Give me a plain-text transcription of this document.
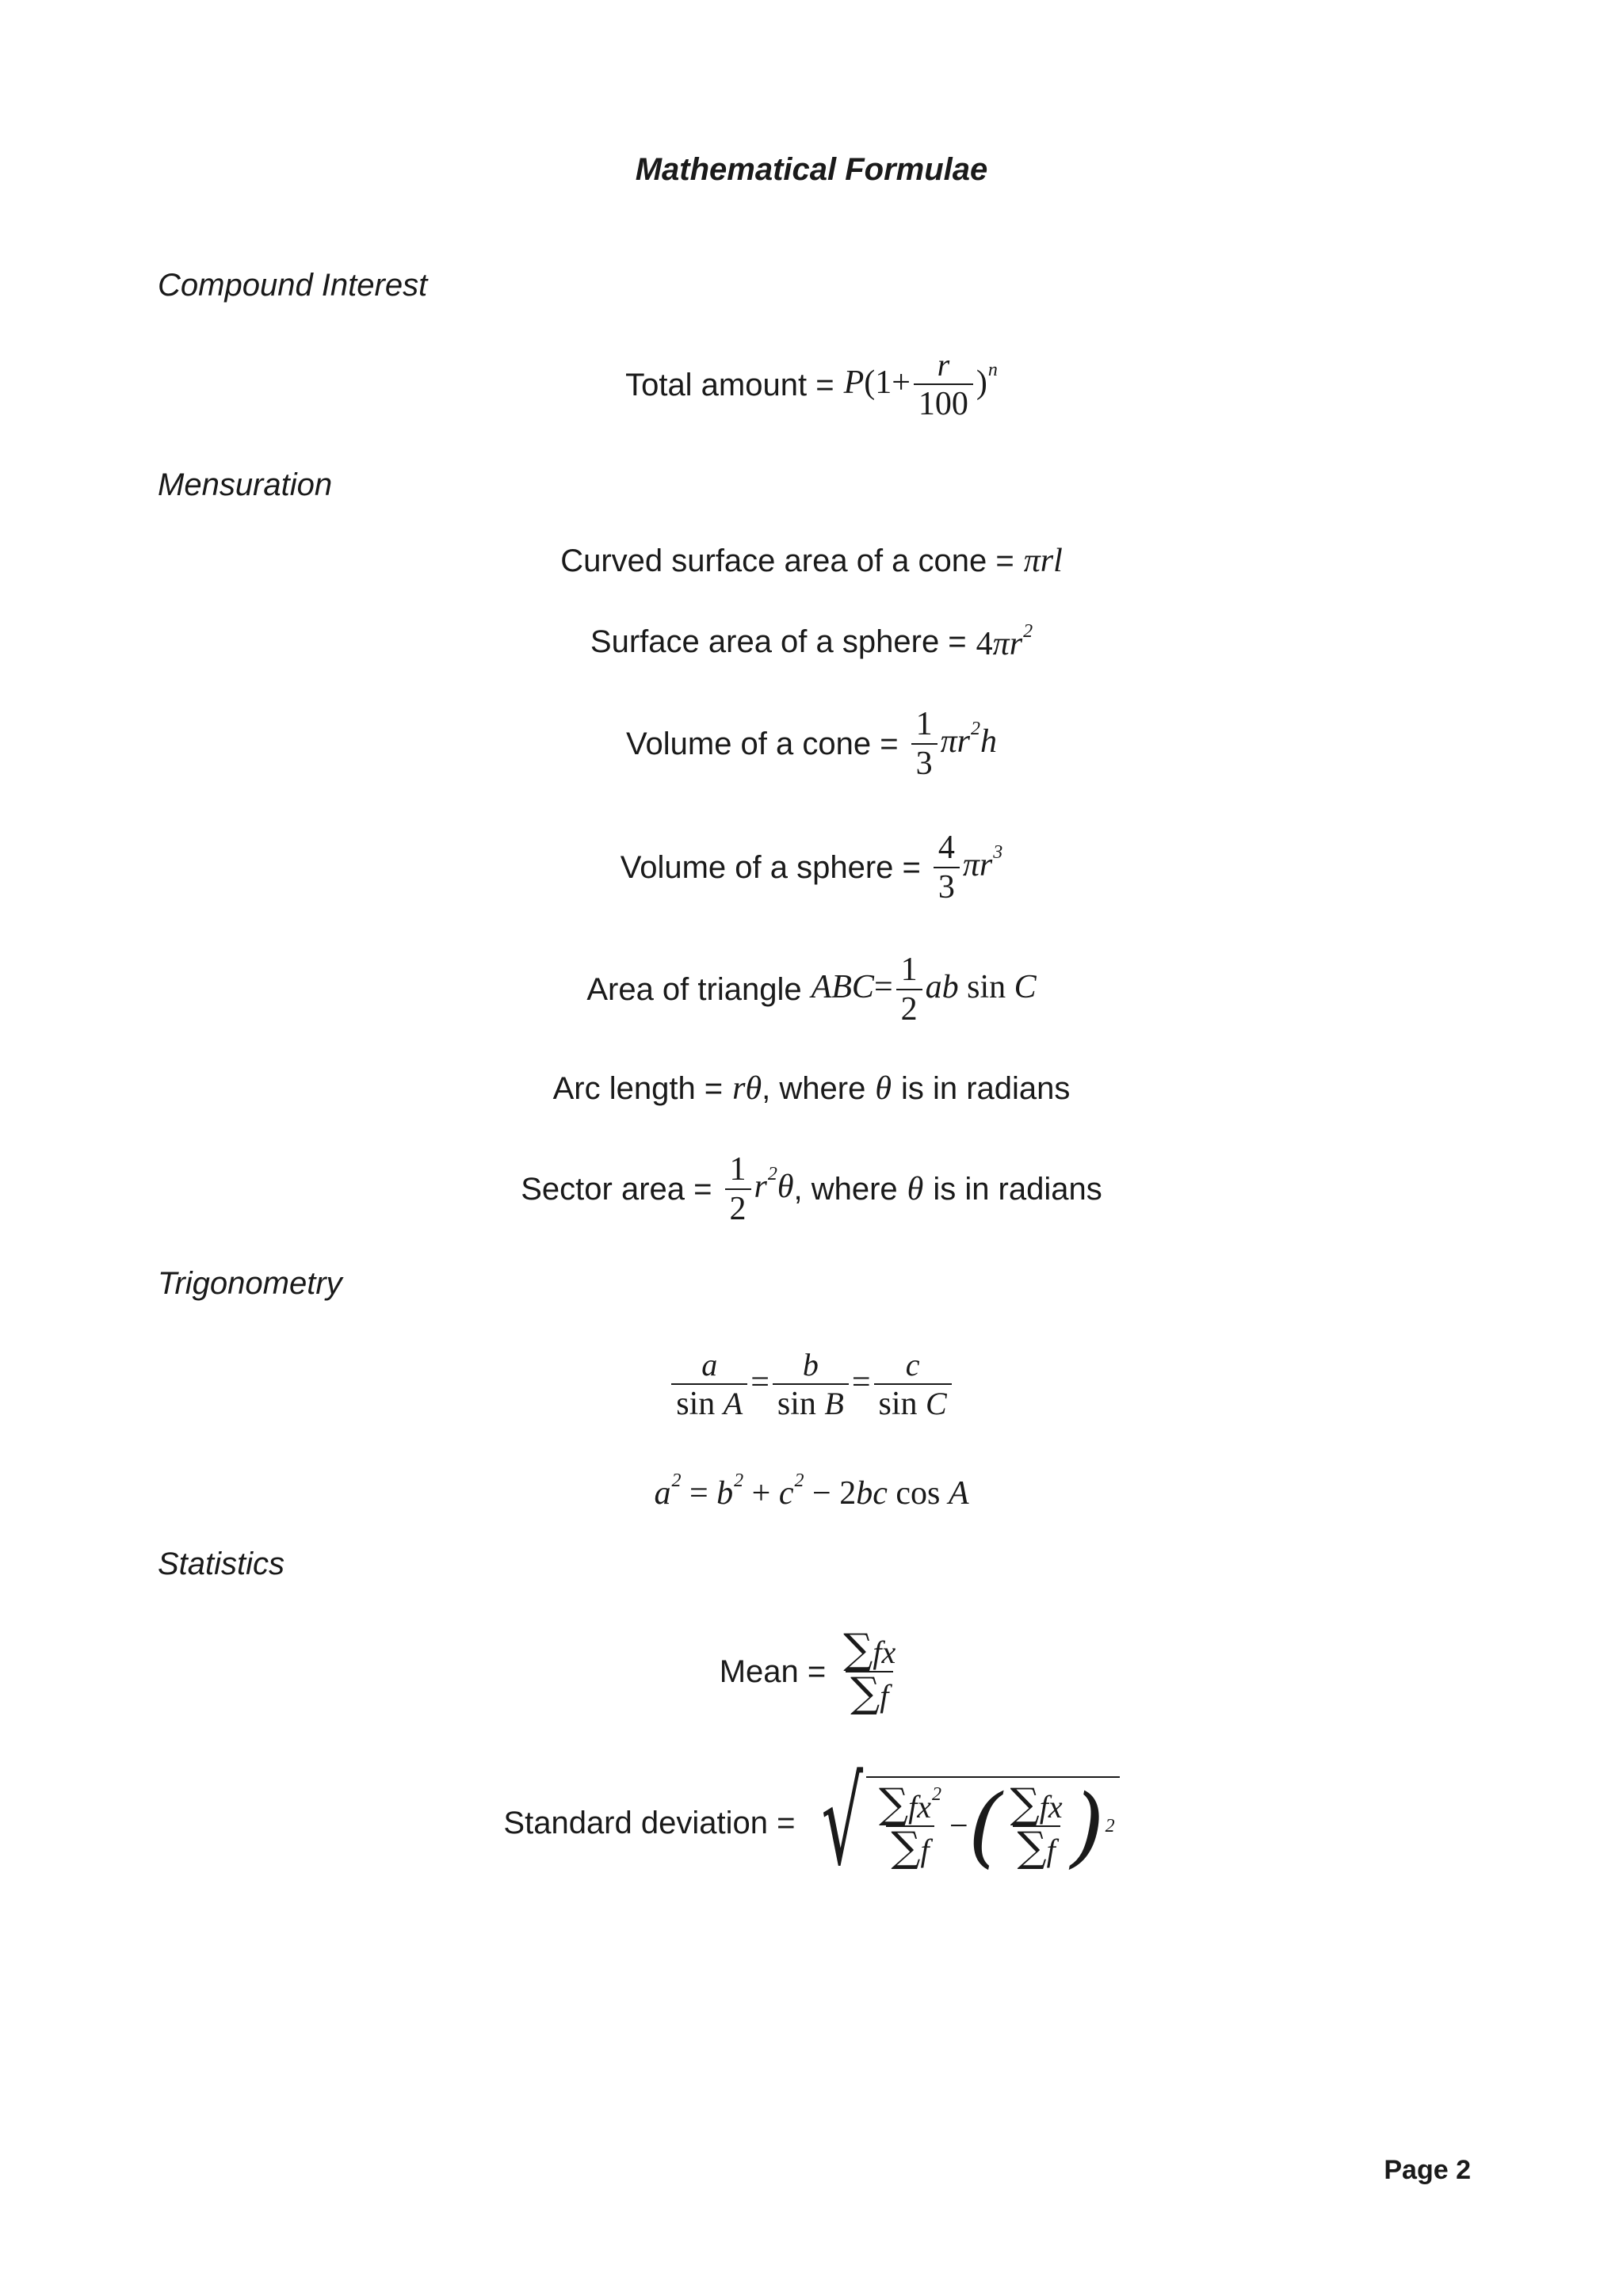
Mathematical Formulae
Compound Interest
Total amount = $P(1+ \frac{r}{100} )^n$
Mensuration
Curved surface area of a cone = πrl
Surface area of a sphere = $4\pi r^2$
Volume of a cone = $\frac{1}{3} \pi r^2h$
Volume of a sphere = $\frac{4}{3} \pi r^3$
Area of triangle $ABC= \frac{1}{2}$ ab sin C
Arc length = rθ , where θ is in radians
Sector area = $\frac{1}{2} r^2\theta$ , where θ is in radians
Trigonometry
$\frac{a}{\text{sin A}} = \frac{b}{\text{sin B}} = \frac{c}{\text{sin C}}$
$a^2 = b^2 + c^2 - 2bc$ cos A
Statistics
Mean = $\frac{\sum fx}{\sum f}$
Standard deviation = √ $\frac{\sum fx^2}{\sum f}$ − ( $\frac{\sum fx}{\sum f}$ ) 2
Page 2
